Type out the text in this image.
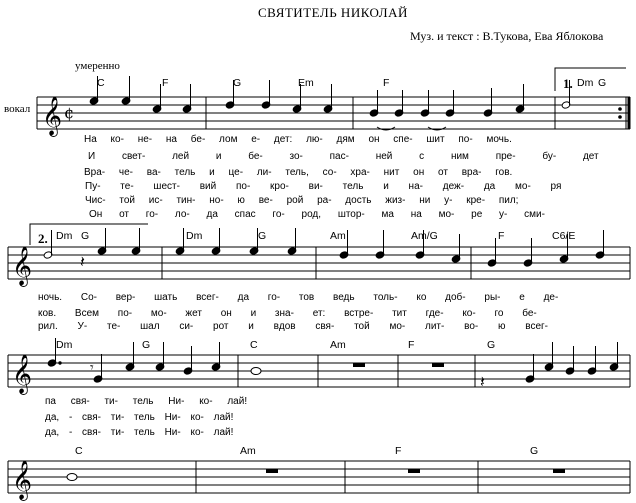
СВЯТИТЕЛЬ НИКОЛАЙ
Муз. и текст : В.Тукова, Ева Яблокова
умеренно
вокал
C	F	G	Em	F	Dm G
1.
2. Dm G	Dm	G	Am	Am/G	F	C6/E
Dm	G	C	Am	F	G
C	Am	F	G
На ко- не- на бе- лом е- дет: лю- дям он спе- шит по- мочь.
И свет- лей и бе- зо- пас- ней с ним пре- бу- дет
Вра- че- ва- тель и це- ли- тель, со- хра- нит он от вра- гов.
Пу- те- шест- вий по- кро- ви- тель и на- деж- да мо- ря
Чис- той ис- тин- но- ю ве- рой ра- дость жиз- ни у- кре- пил;
Он от го- ло- да спас го- род, штор- ма на мо- ре у- сми-
ночь. Со- вер- шать всег- да го- тов ведь толь- ко доб- ры- е де-
ков. Всем по- мо- жет он и зна- ет: встре- тит где- ко- го бе-
рил. У- те- шал си- рот и вдов свя- той мо- лит- во- ю всег-
па свя- ти- тель Ни- ко- лай!
да, - свя- ти- тель Ни- ко- лай!
да, - свя- ти- тель Ни- ко- лай!
𝄞
𝄞
𝄞
𝄞
¢
𝄾
𝄽
𝄽
